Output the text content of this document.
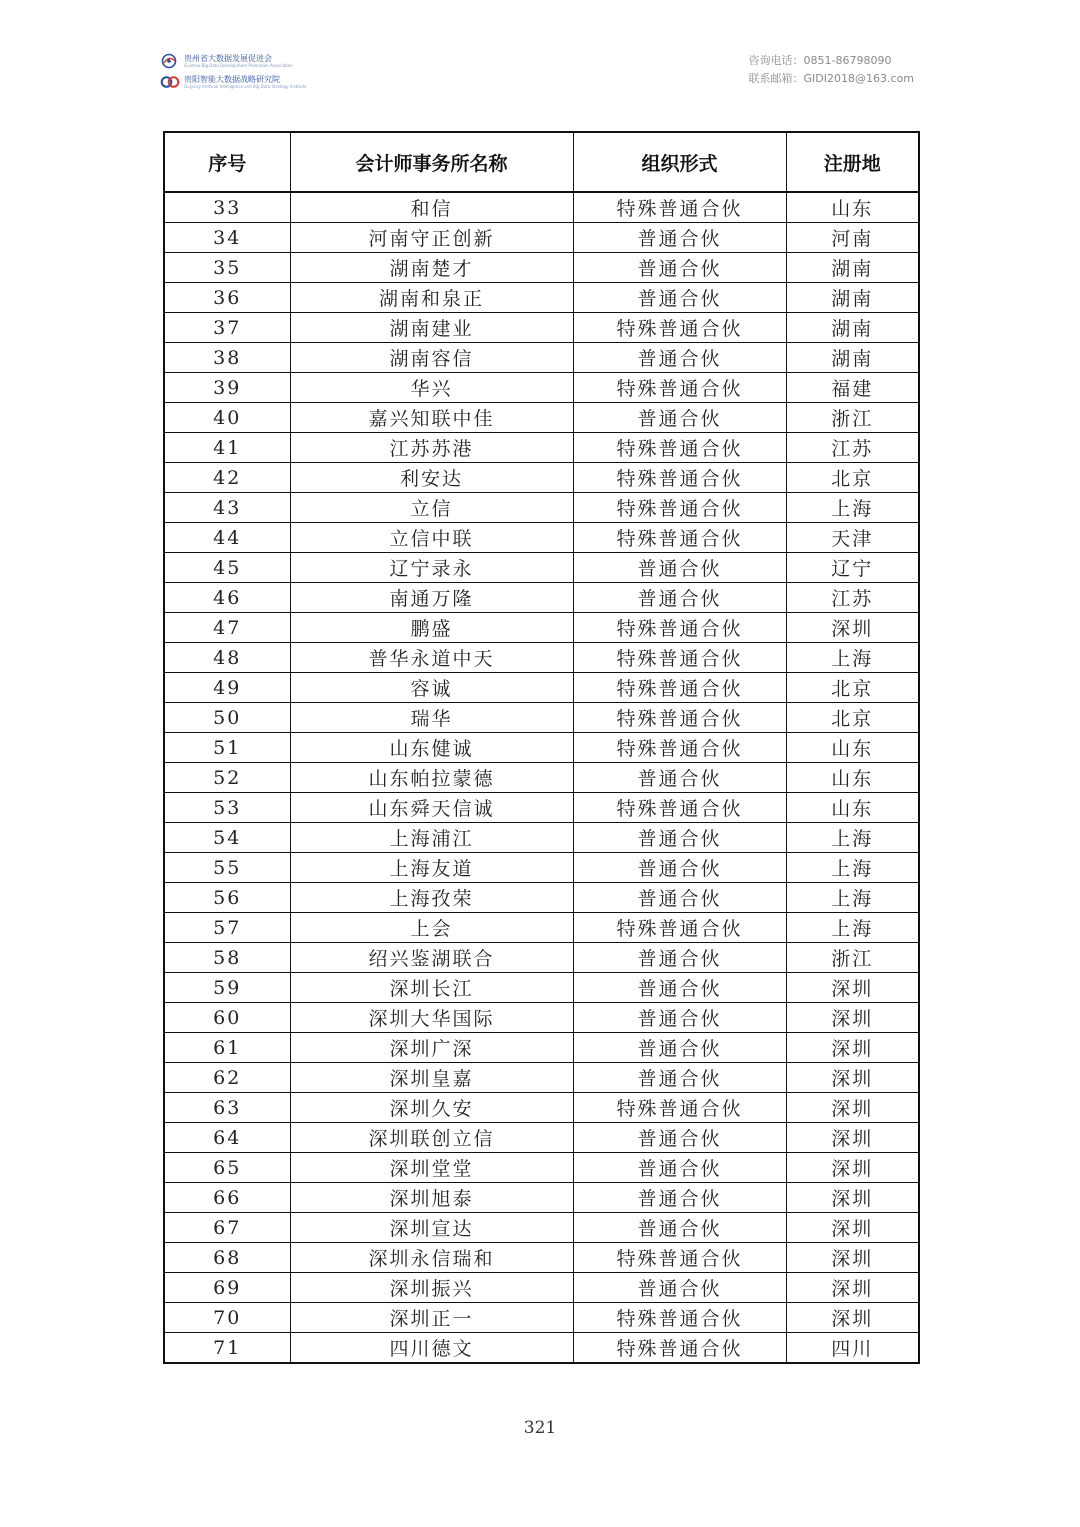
贵州省大数据发展促进会
Guizhou Big Data Development Promotion Association
贵阳智能大数据战略研究院
Guiyang Artificial Intelligence and Big Data Strategy Institute
咨询电话：0851-86798090
联系邮箱：GIDI2018@163.com
序号	会计师事务所名称	组织形式	注册地
33	和信	特殊普通合伙	山东
34	河南守正创新	普通合伙	河南
35	湖南楚才	普通合伙	湖南
36	湖南和泉正	普通合伙	湖南
37	湖南建业	特殊普通合伙	湖南
38	湖南容信	普通合伙	湖南
39	华兴	特殊普通合伙	福建
40	嘉兴知联中佳	普通合伙	浙江
41	江苏苏港	特殊普通合伙	江苏
42	利安达	特殊普通合伙	北京
43	立信	特殊普通合伙	上海
44	立信中联	特殊普通合伙	天津
45	辽宁录永	普通合伙	辽宁
46	南通万隆	普通合伙	江苏
47	鹏盛	特殊普通合伙	深圳
48	普华永道中天	特殊普通合伙	上海
49	容诚	特殊普通合伙	北京
50	瑞华	特殊普通合伙	北京
51	山东健诚	特殊普通合伙	山东
52	山东帕拉蒙德	普通合伙	山东
53	山东舜天信诚	特殊普通合伙	山东
54	上海浦江	普通合伙	上海
55	上海友道	普通合伙	上海
56	上海孜荣	普通合伙	上海
57	上会	特殊普通合伙	上海
58	绍兴鉴湖联合	普通合伙	浙江
59	深圳长江	普通合伙	深圳
60	深圳大华国际	普通合伙	深圳
61	深圳广深	普通合伙	深圳
62	深圳皇嘉	普通合伙	深圳
63	深圳久安	特殊普通合伙	深圳
64	深圳联创立信	普通合伙	深圳
65	深圳堂堂	普通合伙	深圳
66	深圳旭泰	普通合伙	深圳
67	深圳宣达	普通合伙	深圳
68	深圳永信瑞和	特殊普通合伙	深圳
69	深圳振兴	普通合伙	深圳
70	深圳正一	特殊普通合伙	深圳
71	四川德文	特殊普通合伙	四川
321
